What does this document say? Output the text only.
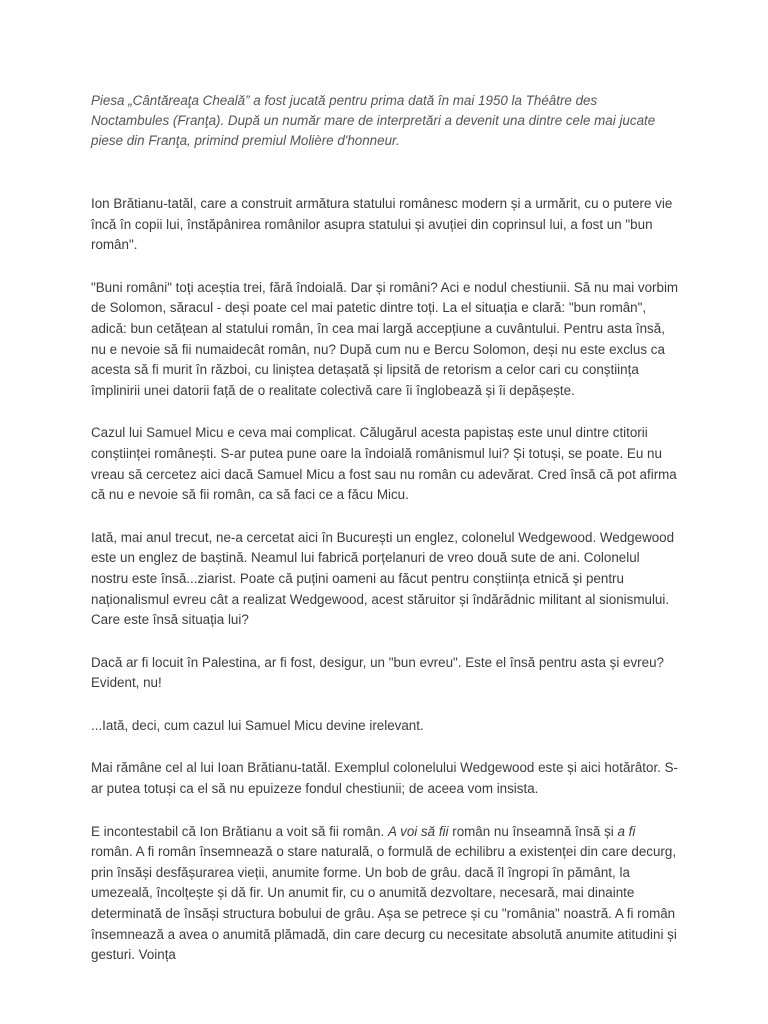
Piesa „Cântăreaţa Cheală” a fost jucată pentru prima dată în mai 1950 la Théâtre des Noctambules (Franţa). După un număr mare de interpretări a devenit una dintre cele mai jucate piese din Franţa, primind premiul Molière d'honneur.

Ion Brătianu-tatăl, care a construit armătura statului românesc modern și a urmărit, cu o putere vie încă în copii lui, înstăpânirea românilor asupra statului și avuției din coprinsul lui, a fost un "bun român".

"Buni români" toți aceștia trei, fără îndoială. Dar și români? Aci e nodul chestiunii. Să nu mai vorbim de Solomon, săracul - deși poate cel mai patetic dintre toți. La el situația e clară: "bun român", adică: bun cetățean al statului român, în cea mai largă accepțiune a cuvântului. Pentru asta însă, nu e nevoie să fii numaidecât român, nu? După cum nu e Bercu Solomon, deși nu este exclus ca acesta să fi murit în război, cu liniștea detașată și lipsită de retorism a celor cari cu conștiința împlinirii unei datorii față de o realitate colectivă care îi înglobează și îi depășește.

Cazul lui Samuel Micu e ceva mai complicat. Călugărul acesta papistaș este unul dintre ctitorii conștiinței românești. S-ar putea pune oare la îndoială românismul lui? Și totuși, se poate. Eu nu vreau să cercetez aici dacă Samuel Micu a fost sau nu român cu adevărat. Cred însă că pot afirma că nu e nevoie să fii român, ca să faci ce a făcu Micu.

Iată, mai anul trecut, ne-a cercetat aici în București un englez, colonelul Wedgewood. Wedgewood este un englez de baștină. Neamul lui fabrică porțelanuri de vreo două sute de ani. Colonelul nostru este însă...ziarist. Poate că puțini oameni au făcut pentru conștiința etnică și pentru naționalismul evreu cât a realizat Wedgewood, acest stăruitor și îndărădnic militant al sionismului. Care este însă situația lui?

Dacă ar fi locuit în Palestina, ar fi fost, desigur, un "bun evreu". Este el însă pentru asta și evreu? Evident, nu!

...Iată, deci, cum cazul lui Samuel Micu devine irelevant.

Mai rămâne cel al lui Ioan Brătianu-tatăl. Exemplul colonelului Wedgewood este și aici hotărâtor. S-ar putea totuși ca el să nu epuizeze fondul chestiunii; de aceea vom insista.

E incontestabil că Ion Brătianu a voit să fii român. A voi să fii român nu înseamnă însă și a fi român. A fi român însemnează o stare naturală, o formulă de echilibru a existenței din care decurg, prin însăși desfășurarea vieții, anumite forme. Un bob de grâu. dacă îl îngropi în pământ, la umezeală, încolțește și dă fir. Un anumit fir, cu o anumită dezvoltare, necesară, mai dinainte determinată de însăși structura bobului de grâu. Așa se petrece și cu "românia" noastră. A fi român însemnează a avea o anumită plămadă, din care decurg cu necesitate absolută anumite atitudini și gesturi. Voința
